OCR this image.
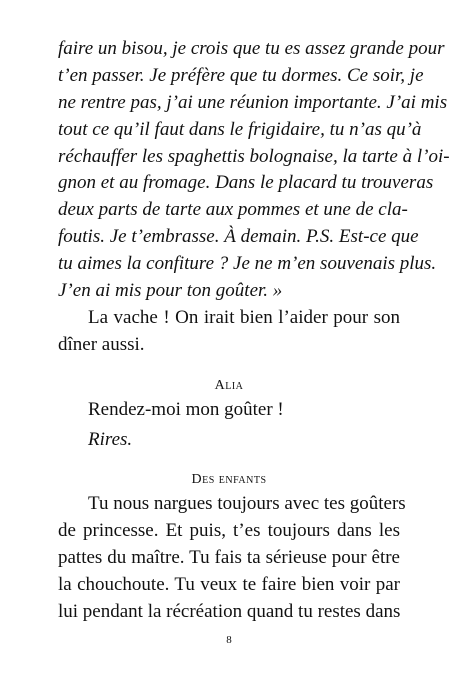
faire un bisou, je crois que tu es assez grande pour
t’en passer. Je préfère que tu dormes. Ce soir, je
ne rentre pas, j’ai une réunion importante. J’ai mis
tout ce qu’il faut dans le frigidaire, tu n’as qu’à
réchauffer les spaghettis bolognaise, la tarte à l’oi-
gnon et au fromage. Dans le placard tu trouveras
deux parts de tarte aux pommes et une de cla-
foutis. Je t’embrasse. À demain. P.S. Est-ce que
tu aimes la confiture ? Je ne m’en souvenais plus.
J’en ai mis pour ton goûter. »
La vache ! On irait bien l’aider pour son
dîner aussi.
Alia
Rendez-moi mon goûter !
Rires.
Des enfants
Tu nous nargues toujours avec tes goûters
de princesse. Et puis, t’es toujours dans les
pattes du maître. Tu fais ta sérieuse pour être
la chouchoute. Tu veux te faire bien voir par
lui pendant la récréation quand tu restes dans
8
